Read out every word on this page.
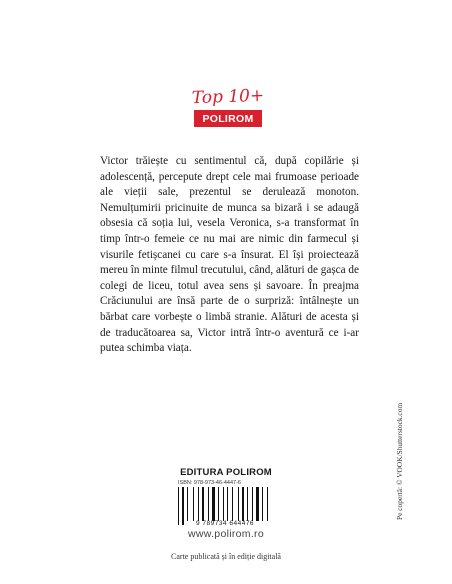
Top 10+
POLIROM

Victor trăiește cu sentimentul că, după copilărie și adolescență, percepute drept cele mai frumoase perioade ale vieții sale, prezentul se derulează monoton. Nemulțumirii pricinuite de munca sa bizară i se adaugă obsesia că soția lui, vesela Veronica, s-a transformat în timp într-o femeie ce nu mai are nimic din farmecul și visurile fetișcanei cu care s-a însurat. El își proiectează mereu în minte filmul trecutului, când, alături de gașca de colegi de liceu, totul avea sens și savoare. În preajma Crăciunului are însă parte de o surpriză: întâlnește un bărbat care vorbește o limbă stranie. Alături de acesta și de traducătoarea sa, Victor intră într-o aventură ce i-ar putea schimba viața.

EDITURA POLIROM
ISBN: 978-973-46-4447-6
9 789734 644476
www.polirom.ro
Carte publicată și în ediție digitală
Pe copertă: © VOOK/Shutterstock.com
